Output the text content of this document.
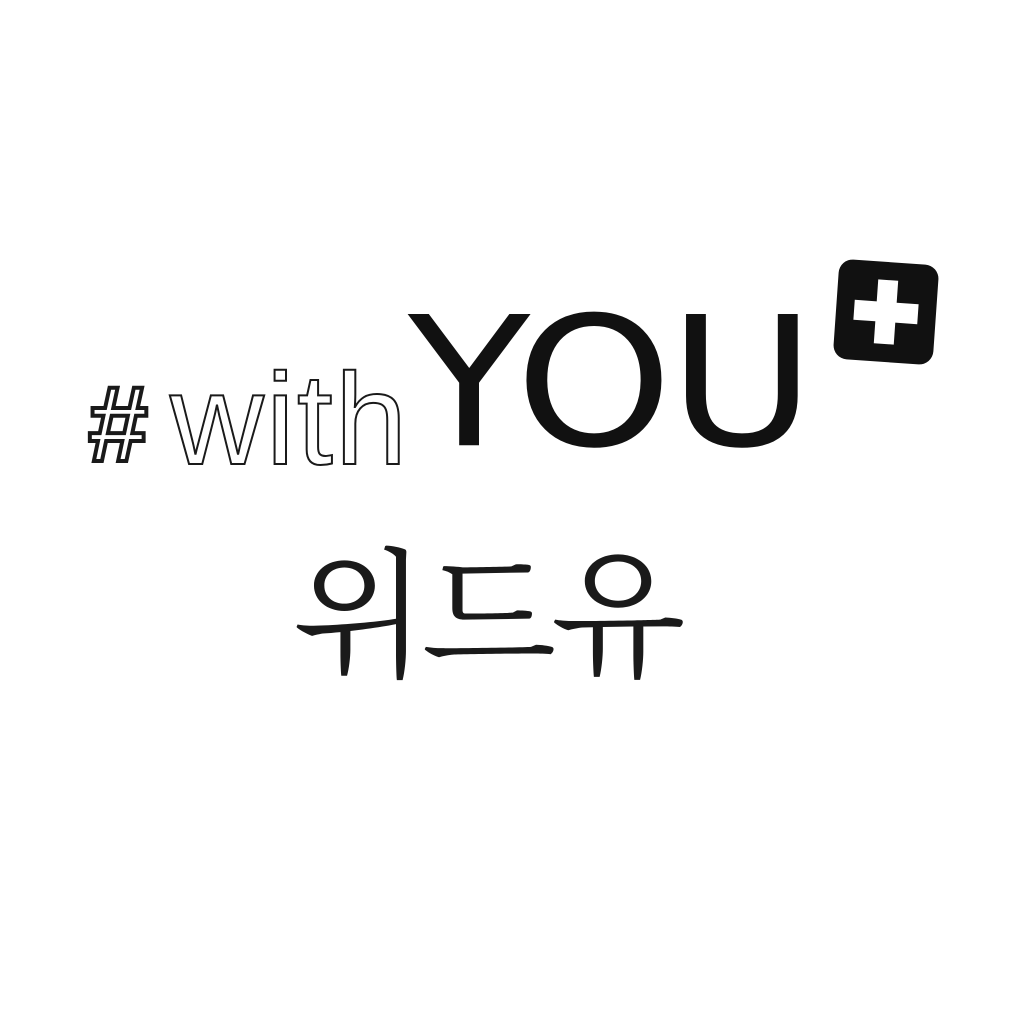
# with
YOU
위드유
